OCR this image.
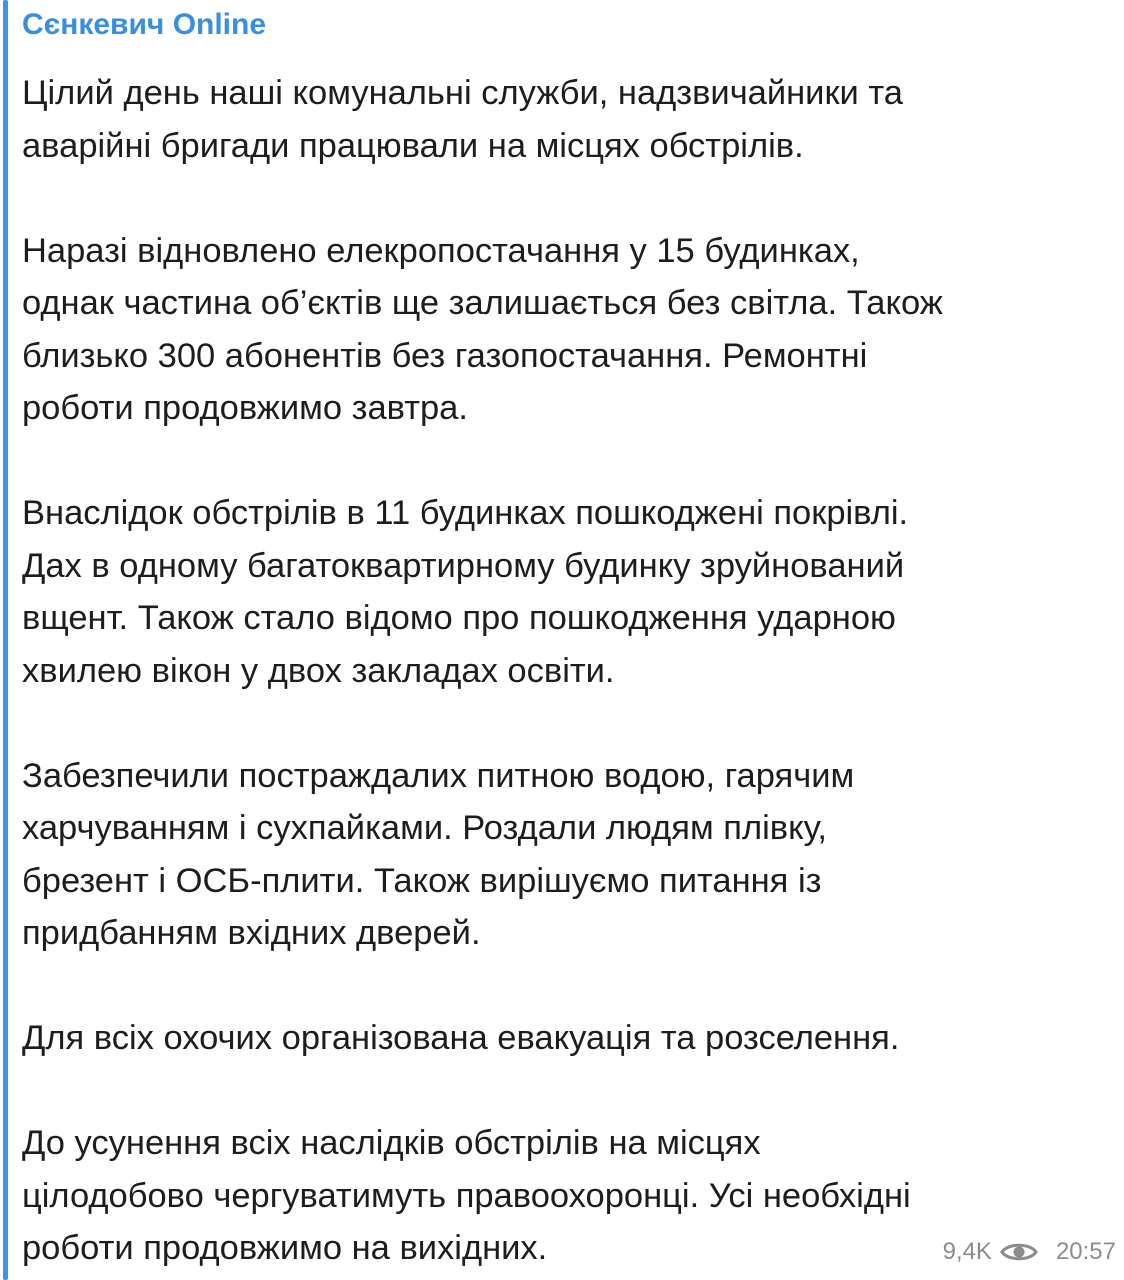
Сєнкевич Online

Цілий день наші комунальні служби, надзвичайники та
аварійні бригади працювали на місцях обстрілів.

Наразі відновлено елекропостачання у 15 будинках,
однак частина об’єктів ще залишається без світла. Також
близько 300 абонентів без газопостачання. Ремонтні
роботи продовжимо завтра.

Внаслідок обстрілів в 11 будинках пошкоджені покрівлі.
Дах в одному багатоквартирному будинку зруйнований
вщент. Також стало відомо про пошкодження ударною
хвилею вікон у двох закладах освіти.

Забезпечили постраждалих питною водою, гарячим
харчуванням і сухпайками. Роздали людям плівку,
брезент і ОСБ-плити. Також вирішуємо питання із
придбанням вхідних дверей.

Для всіх охочих організована евакуація та розселення.

До усунення всіх наслідків обстрілів на місцях
цілодобово чергуватимуть правоохоронці. Усі необхідні
роботи продовжимо на вихідних.	9,4K	20:57
